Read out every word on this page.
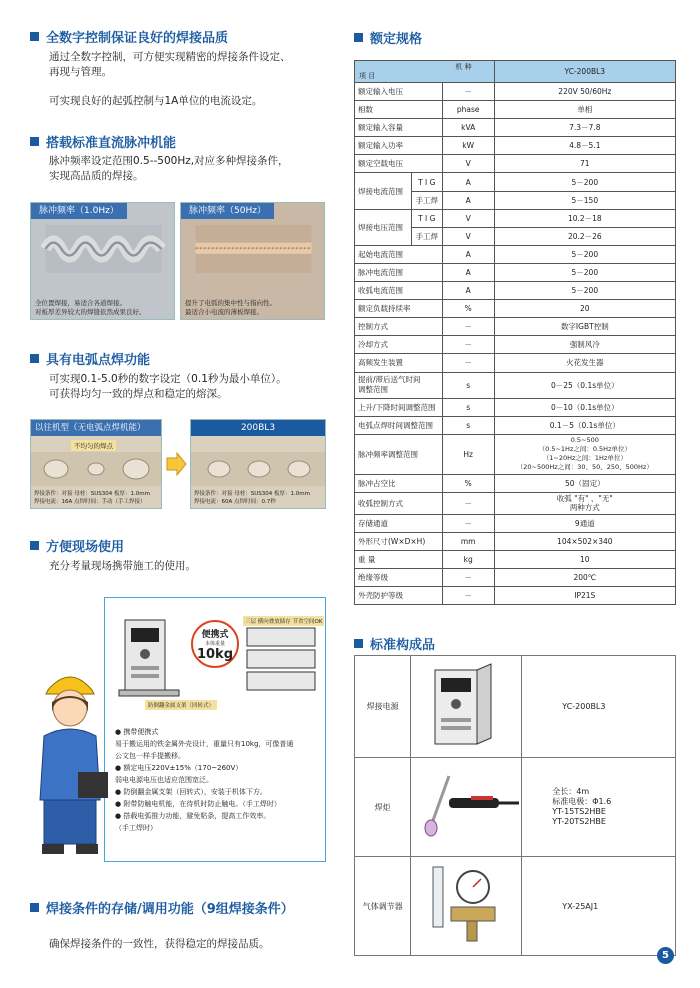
全数字控制保证良好的焊接品质
通过全数字控制，可方便实现精密的焊接条件设定、
再现与管理。
可实现良好的起弧控制与1A单位的电流设定。
搭载标准直流脉冲机能
脉冲频率设定范围0.5--500Hz,对应多种焊接条件，
实现高品质的焊接。
脉冲频率（1.0Hz）
全位置焊接，易适合各道焊接。
对板厚差异较大的焊缝依然成果良好。
脉冲频率（50Hz）
提升了电弧的集中性与指向性。
最适合小电流的薄板焊接。
具有电弧点焊功能
可实现0.1-5.0秒的数字设定（0.1秒为最小单位）。
可获得均匀一致的焊点和稳定的熔深。
以往机型（无电弧点焊机能）
不均匀的焊点
焊接条件：对接 母材：SUS304 板厚：1.0mm
焊接电流：16A 点焊时间：手动（手工焊接）
200BL3
焊接条件：对接 母材：SUS304 板厚：1.0mm
焊接电流：60A 点焊时间：0.7秒
方便现场使用
充分考量现场携带施工的使用。
便携式
本体重量
10kg
三层 横向叠放储存 节省空间OK
防倒翻金属支架（回转式）
● 携带便携式
易于搬运用的铁金属外壳设计，重量只有10kg，可像普通
公文包一样手提搬移。
● 额定电压220V±15%（170~260V）
弱电电源电压也适应范围宽泛。
● 防倒翻金属支架（回转式），安装于机体下方。
● 附带防触电机能，在待机时防止触电。（手工焊时）
● 搭载电弧推力功能，避免粘条，提高工作效率。
（手工焊时）
焊接条件的存储/调用功能（9组焊接条件）
确保焊接条件的一致性，获得稳定的焊接品质。
额定规格
机 种
项 目			YC-200BL3
额定输入电压		－	220V 50/60Hz
相数		phase	单相
额定输入容量		kVA	7.3－7.8
额定输入功率		kW	4.8－5.1
额定空载电压		V	71
焊接电流范围	T I G	A	5－200
	手工焊	A	5－150
焊接电压范围	T I G	V	10.2－18
	手工焊	V	20.2－26
起始电流范围		A	5－200
脉冲电流范围		A	5－200
收弧电流范围		A	5－200
额定负载持续率		%	20
控制方式		－	数字IGBT控制
冷却方式		－	强制风冷
高频发生装置		－	火花发生器

提前/滞后送气时间
调整范围		s	0－25（0.1s单位）
上升/下降时间调整范围		s	0－10（0.1s单位）
电弧点焊时间调整范围		s	0.1－5（0.1s单位）
脉冲频率调整范围		Hz	0.5~500
（0.5~1Hz之间：0.5Hz单位）
（1~20Hz之间：1Hz单位）
（20~500Hz之间：30、50、250、500Hz）

脉冲占空比		%	50（固定）
收弧控制方式		－	收弧 "有" 、"无"
两种方式

存储通道		－	9通道
外形尺寸(W×D×H)		mm	104×502×340
重 量		kg	10
绝缘等级		－	200℃
外壳防护等级		－	IP21S
标准构成品
焊接电源		YC-200BL3
焊炬		全长：4m
标准电极：Φ1.6
YT-15TS2HBE
YT-20TS2HBE

气体调节器		YX-25AJ1
5
